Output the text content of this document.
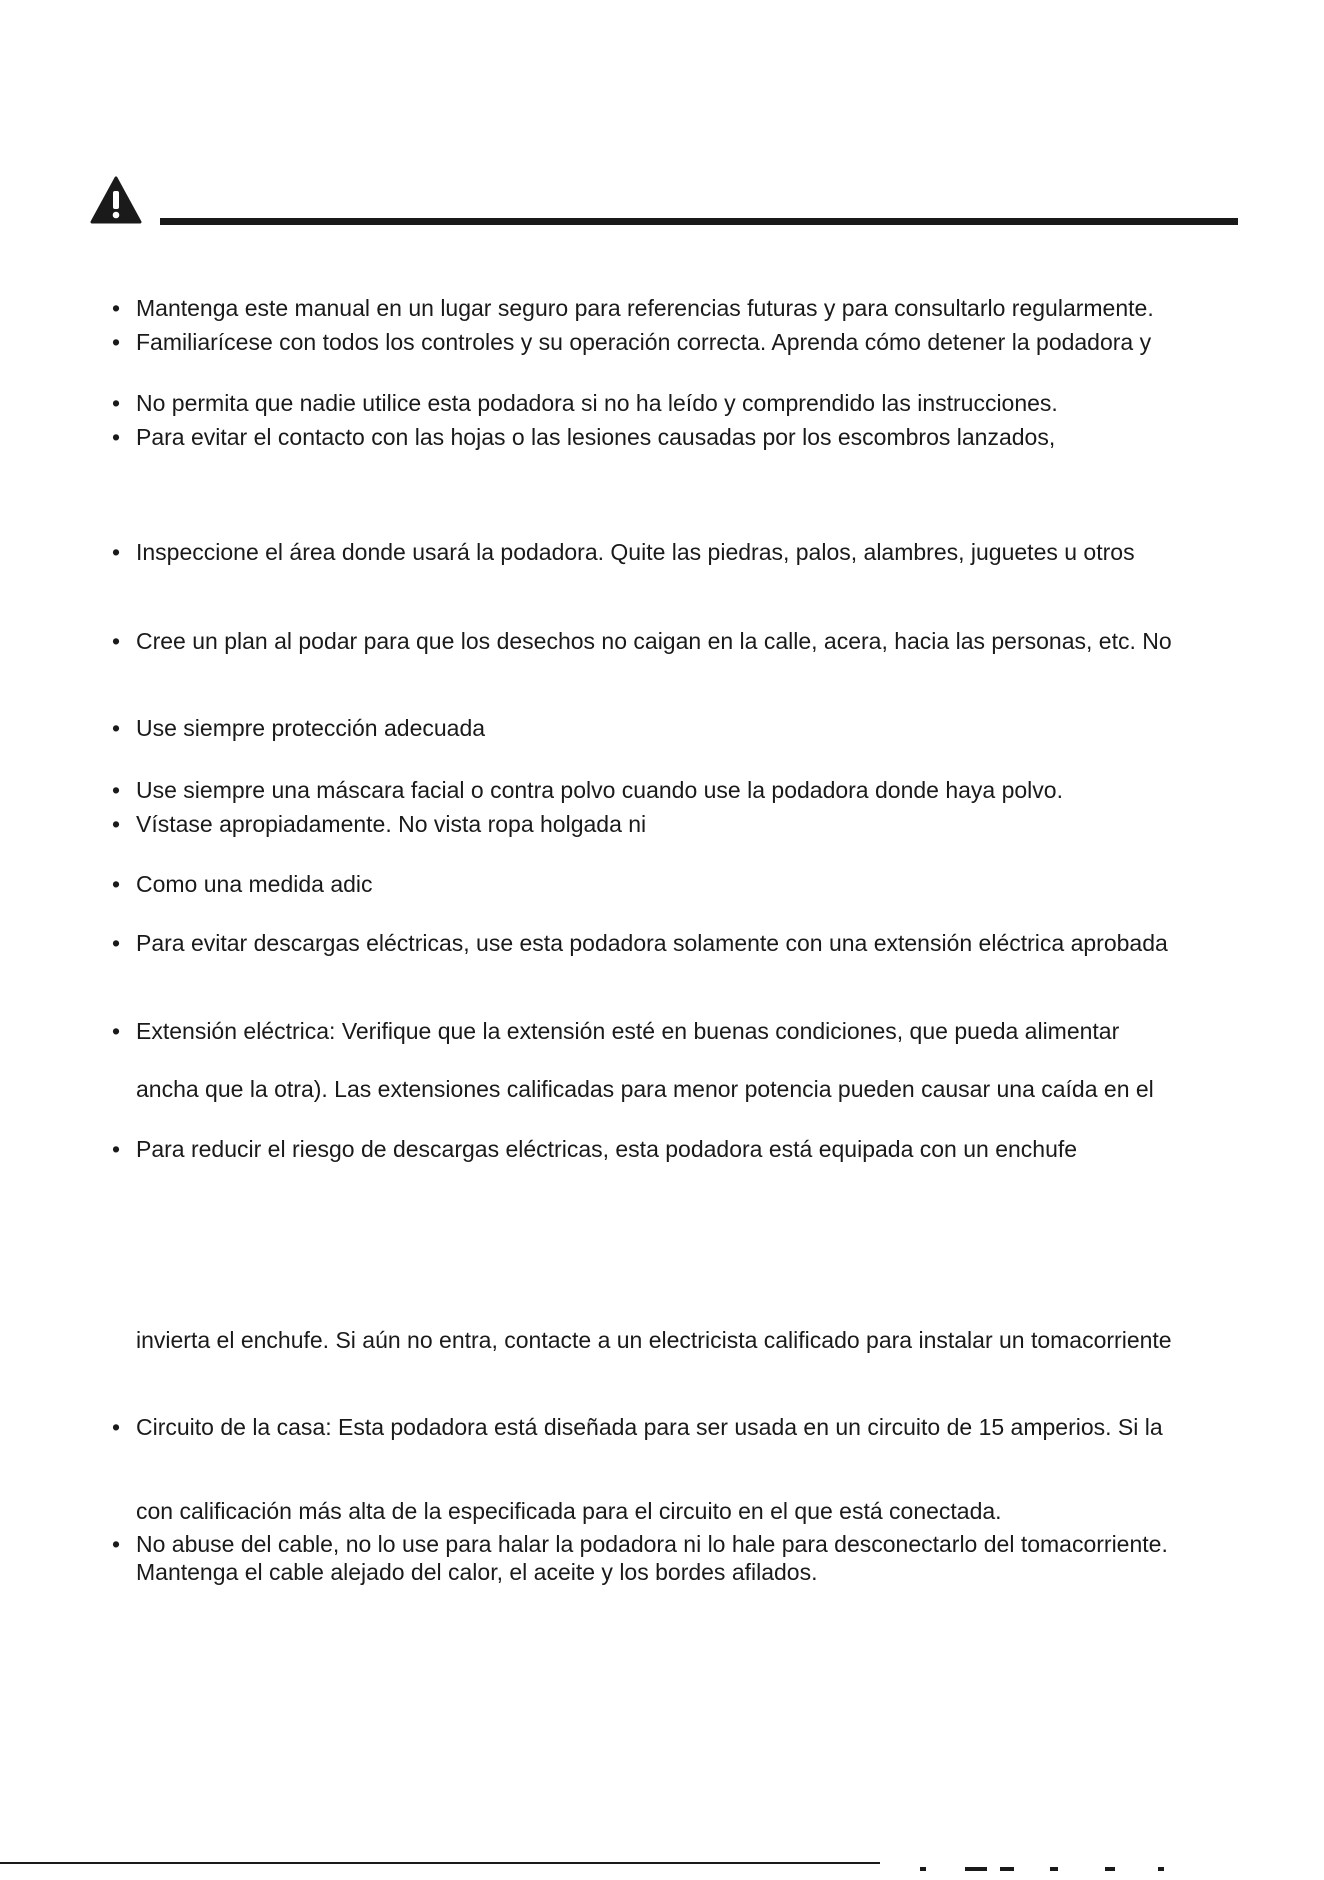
• Mantenga este manual en un lugar seguro para referencias futuras y para consultarlo regularmente.
• Familiarícese con todos los controles y su operación correcta. Aprenda cómo detener la podadora y
• No permita que nadie utilice esta podadora si no ha leído y comprendido las instrucciones.
• Para evitar el contacto con las hojas o las lesiones causadas por los escombros lanzados,
• Inspeccione el área donde usará la podadora. Quite las piedras, palos, alambres, juguetes u otros
• Cree un plan al podar para que los desechos no caigan en la calle, acera, hacia las personas, etc. No
• Use siempre protección adecuada
• Use siempre una máscara facial o contra polvo cuando use la podadora donde haya polvo.
• Vístase apropiadamente. No vista ropa holgada ni
• Como una medida adic
• Para evitar descargas eléctricas, use esta podadora solamente con una extensión eléctrica aprobada
• Extensión eléctrica: Verifique que la extensión esté en buenas condiciones, que pueda alimentar
ancha que la otra). Las extensiones calificadas para menor potencia pueden causar una caída en el
• Para reducir el riesgo de descargas eléctricas, esta podadora está equipada con un enchufe
invierta el enchufe. Si aún no entra, contacte a un electricista calificado para instalar un tomacorriente
• Circuito de la casa: Esta podadora está diseñada para ser usada en un circuito de 15 amperios. Si la
con calificación más alta de la especificada para el circuito en el que está conectada.
• No abuse del cable, no lo use para halar la podadora ni lo hale para desconectarlo del tomacorriente.
Mantenga el cable alejado del calor, el aceite y los bordes afilados.
